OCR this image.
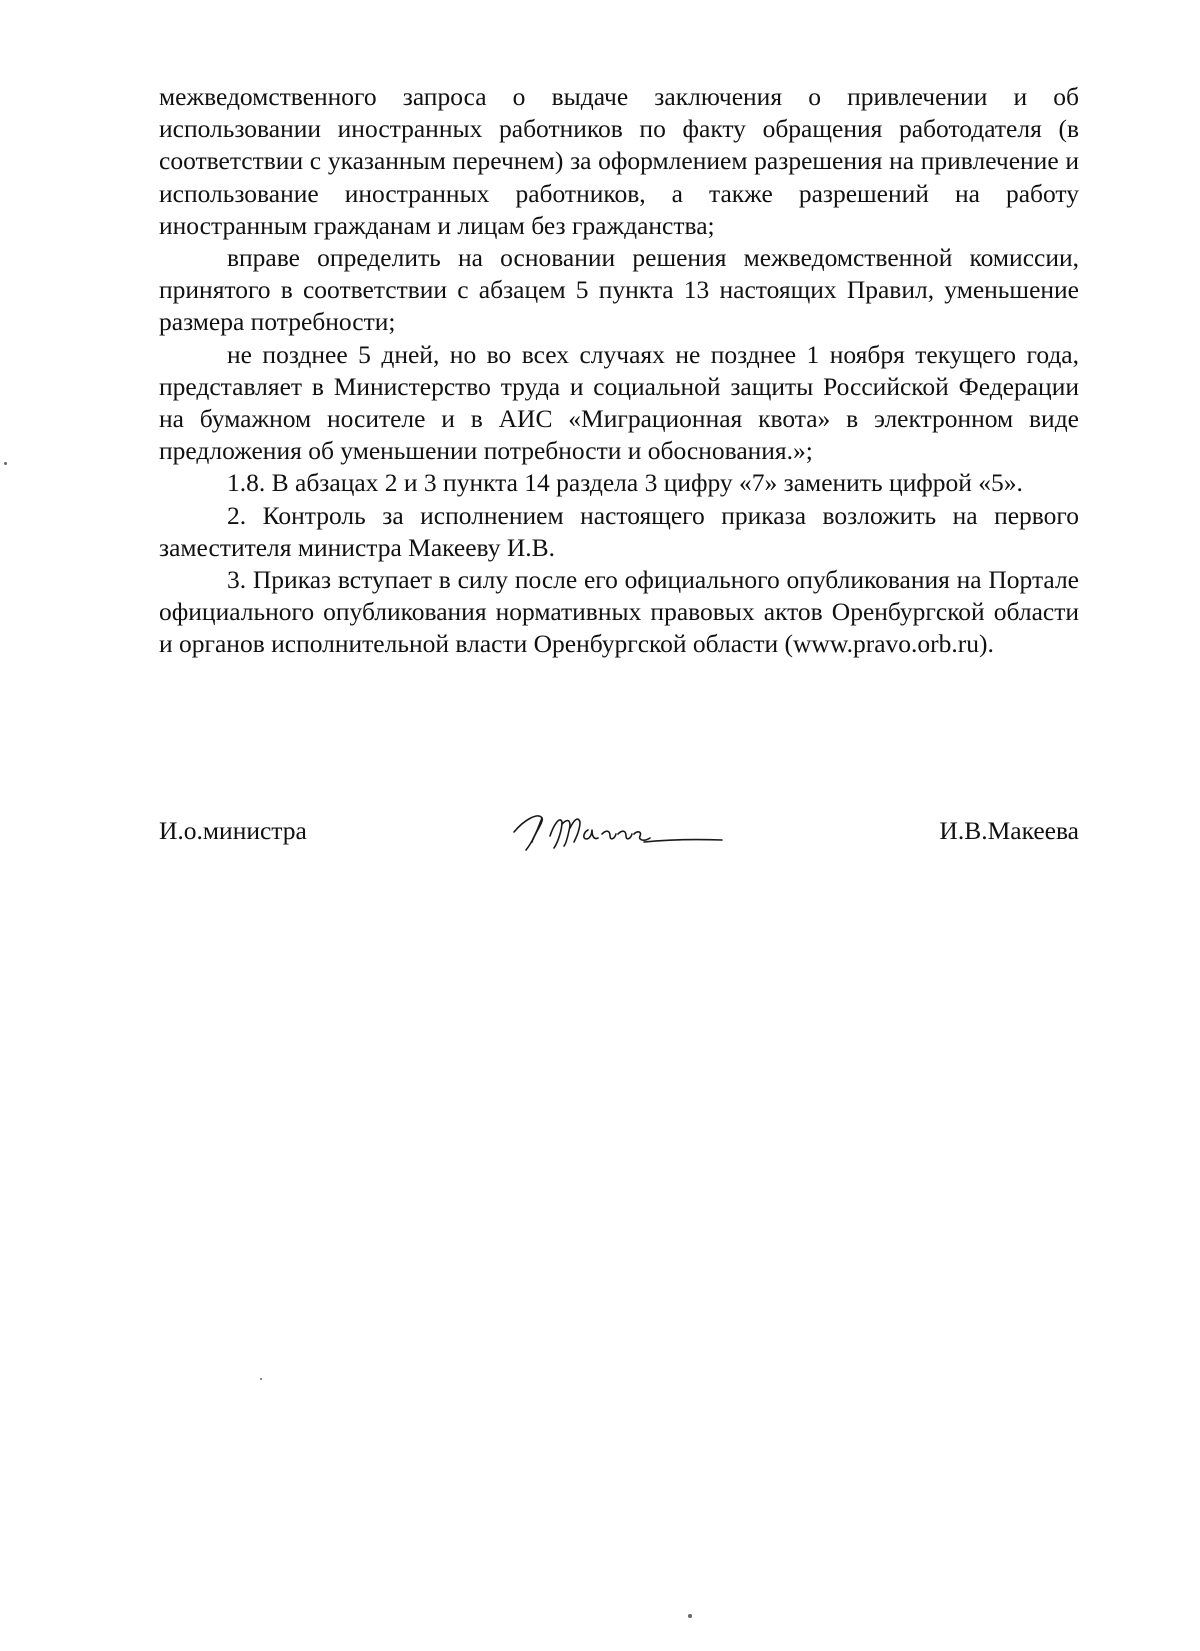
межведомственного запроса о выдаче заключения о привлечении и об использовании иностранных работников по факту обращения работодателя (в соответствии с указанным перечнем) за оформлением разрешения на привлечение и использование иностранных работников, а также разрешений на работу иностранным гражданам и лицам без гражданства;

вправе определить на основании решения межведомственной комиссии, принятого в соответствии с абзацем 5 пункта 13 настоящих Правил, уменьшение размера потребности;

не позднее 5 дней, но во всех случаях не позднее 1 ноября текущего года, представляет в Министерство труда и социальной защиты Российской Федерации на бумажном носителе и в АИС «Миграционная квота» в электронном виде предложения об уменьшении потребности и обоснования.»;

1.8. В абзацах 2 и 3 пункта 14 раздела 3 цифру «7» заменить цифрой «5».

2. Контроль за исполнением настоящего приказа возложить на первого заместителя министра Макееву И.В.

3. Приказ вступает в силу после его официального опубликования на Портале официального опубликования нормативных правовых актов Оренбургской области и органов исполнительной власти Оренбургской области (www.pravo.orb.ru).

И.о.министра	И.В.Макеева
